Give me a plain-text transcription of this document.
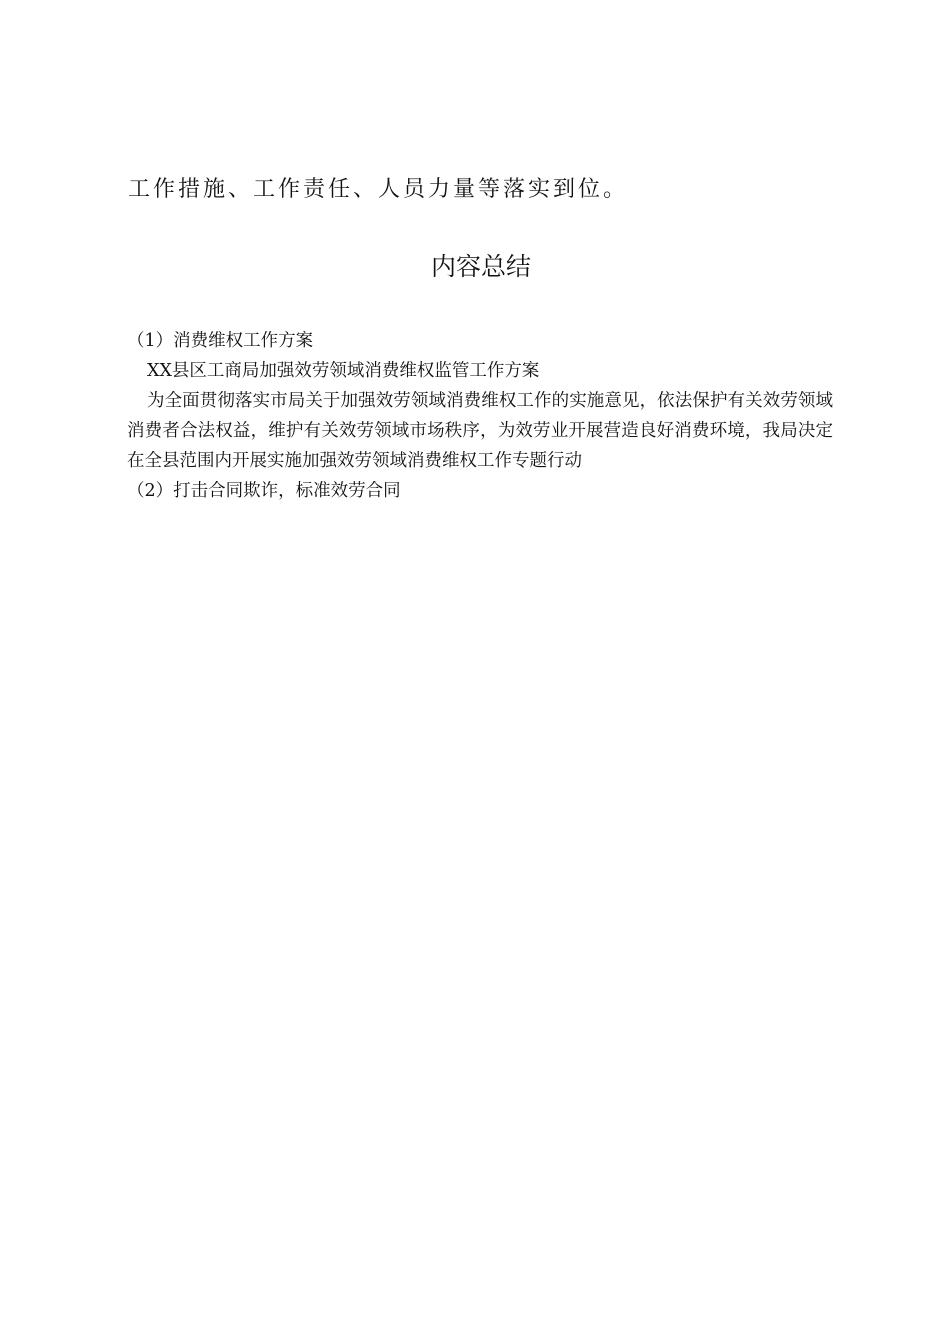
工作措施、工作责任、人员力量等落实到位。
内容总结

（1）消费维权工作方案

XX县区工商局加强效劳领域消费维权监管工作方案

为全面贯彻落实市局关于加强效劳领域消费维权工作的实施意见，依法保护有关效劳领域消费者合法权益，维护有关效劳领域市场秩序，为效劳业开展营造良好消费环境，我局决定在全县范围内开展实施加强效劳领域消费维权工作专题行动

（2）打击合同欺诈，标准效劳合同
